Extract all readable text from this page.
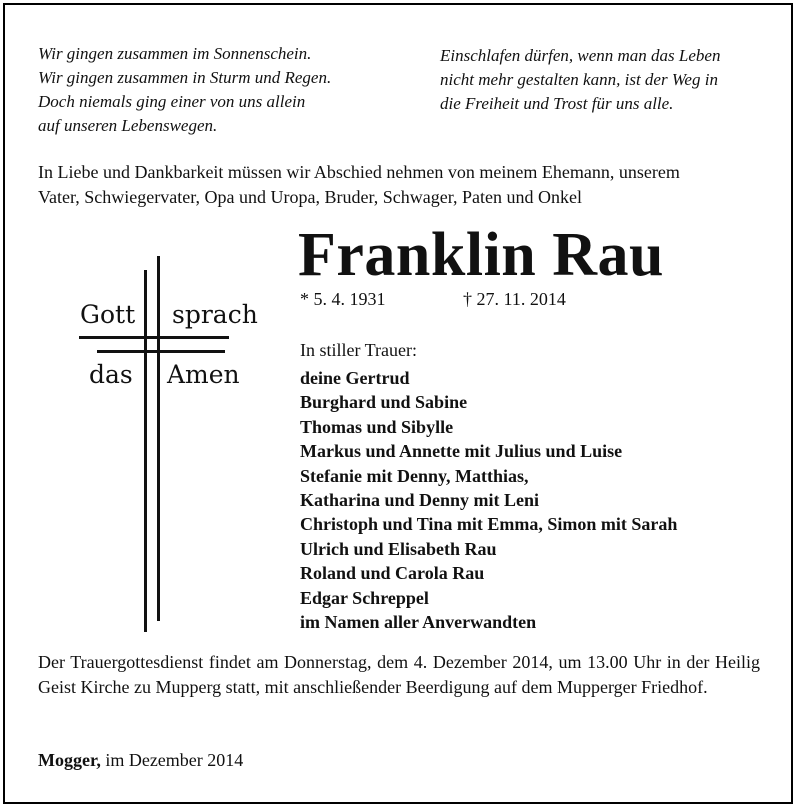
Wir gingen zusammen im Sonnenschein.
Wir gingen zusammen in Sturm und Regen.
Doch niemals ging einer von uns allein
auf unseren Lebenswegen.
Einschlafen dürfen, wenn man das Leben
nicht mehr gestalten kann, ist der Weg in
die Freiheit und Trost für uns alle.
In Liebe und Dankbarkeit müssen wir Abschied nehmen von meinem Ehemann, unserem
Vater, Schwiegervater, Opa und Uropa, Bruder, Schwager, Paten und Onkel
Gott sprach
das Amen
Franklin Rau
* 5. 4. 1931	† 27. 11. 2014
In stiller Trauer:
deine Gertrud
Burghard und Sabine
Thomas und Sibylle
Markus und Annette mit Julius und Luise
Stefanie mit Denny, Matthias,
Katharina und Denny mit Leni
Christoph und Tina mit Emma, Simon mit Sarah
Ulrich und Elisabeth Rau
Roland und Carola Rau
Edgar Schreppel
im Namen aller Anverwandten
Der Trauergottesdienst findet am Donnerstag, dem 4. Dezember 2014, um 13.00 Uhr in der Heilig Geist Kirche zu Mupperg statt, mit anschließender Beerdigung auf dem Mupperger Friedhof.
Mogger, im Dezember 2014
